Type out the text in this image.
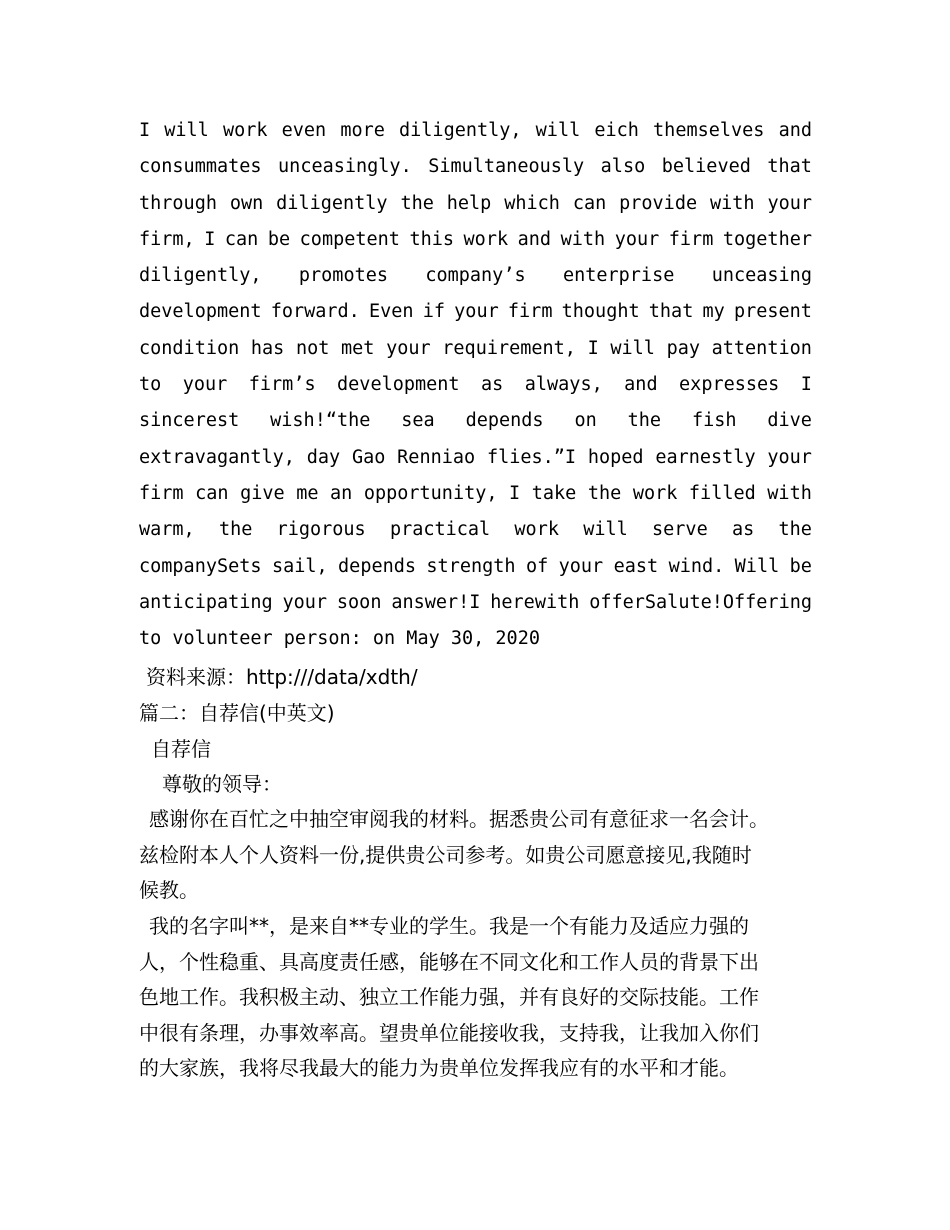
I will work even more diligently, will eich themselves and
consummates unceasingly. Simultaneously also believed that
through own diligently the help which can provide with your
firm, I can be competent this work and with your firm together
diligently, promotes company’s enterprise unceasing
development forward. Even if your firm thought that my present
condition has not met your requirement, I will pay attention
to your firm’s development as always, and expresses I
sincerest wish!“the sea depends on the fish dive
extravagantly, day Gao Renniao flies.”I hoped earnestly your
firm can give me an opportunity, I take the work filled with
warm, the rigorous practical work will serve as the
companySets sail, depends strength of your east wind. Will be
anticipating your soon answer!I herewith offerSalute!Offering
to volunteer person: on May 30, 2020
资料来源：http:///data/xdth/
篇二：自荐信(中英文)
自荐信
尊敬的领导：
感谢你在百忙之中抽空审阅我的材料。据悉贵公司有意征求一名会计。
兹检附本人个人资料一份,提供贵公司参考。如贵公司愿意接见,我随时
候教。
我的名字叫**，是来自**专业的学生。我是一个有能力及适应力强的
人，个性稳重、具高度责任感，能够在不同文化和工作人员的背景下出
色地工作。我积极主动、独立工作能力强，并有良好的交际技能。工作
中很有条理，办事效率高。望贵单位能接收我，支持我，让我加入你们
的大家族，我将尽我最大的能力为贵单位发挥我应有的水平和才能。
